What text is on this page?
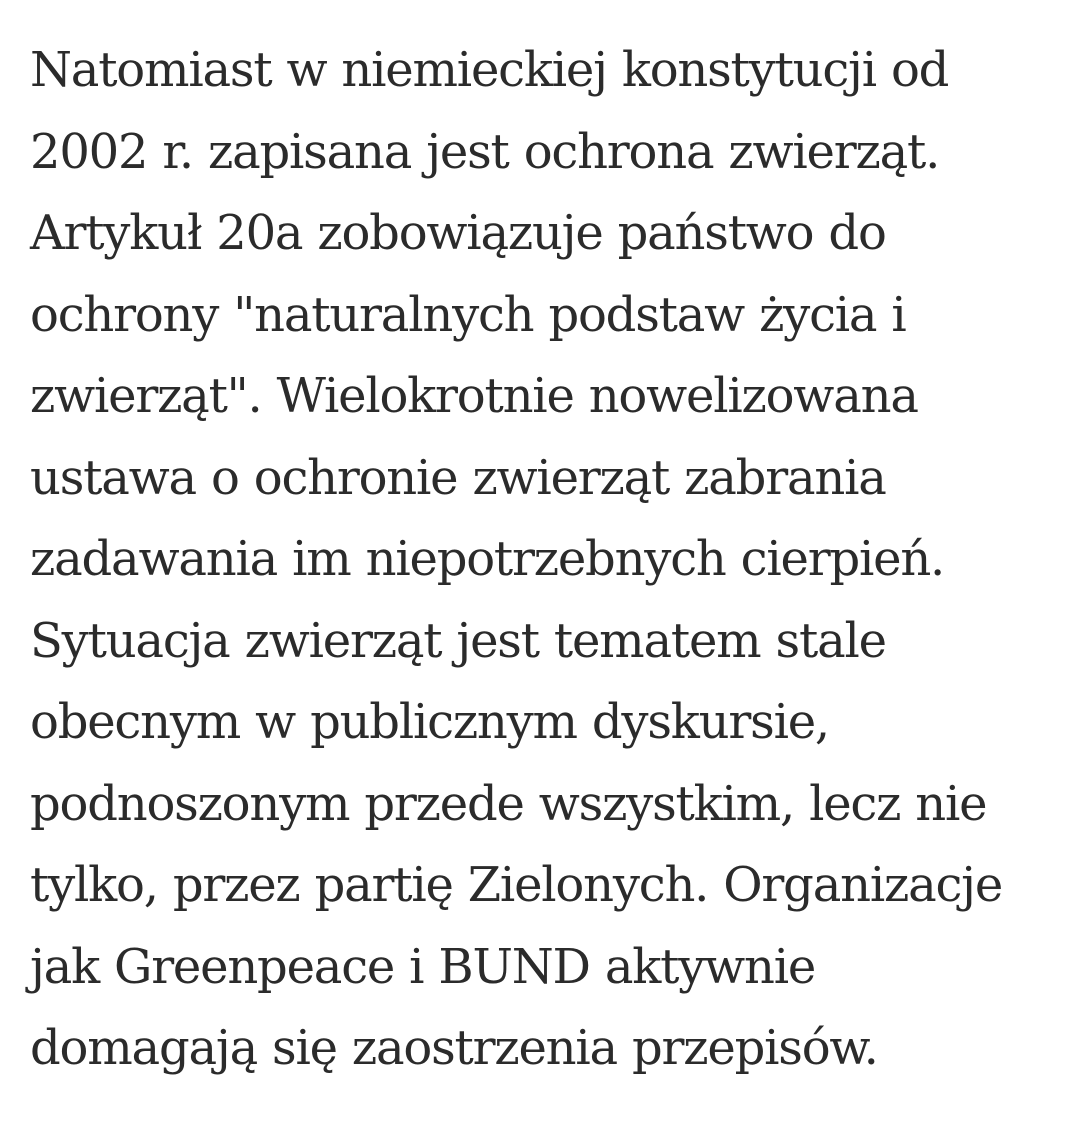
Natomiast w niemieckiej konstytucji od
2002 r. zapisana jest ochrona zwierząt.
Artykuł 20a zobowiązuje państwo do
ochrony "naturalnych podstaw życia i
zwierząt". Wielokrotnie nowelizowana
ustawa o ochronie zwierząt zabrania
zadawania im niepotrzebnych cierpień.
Sytuacja zwierząt jest tematem stale
obecnym w publicznym dyskursie,
podnoszonym przede wszystkim, lecz nie
tylko, przez partię Zielonych. Organizacje
jak Greenpeace i BUND aktywnie
domagają się zaostrzenia przepisów.
